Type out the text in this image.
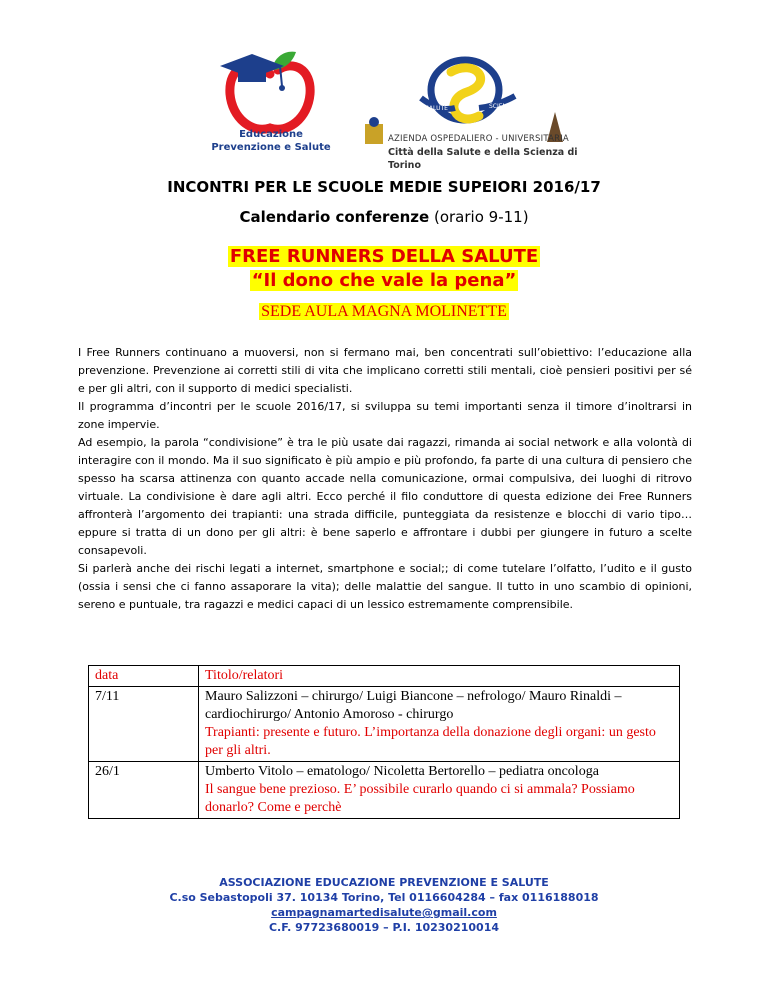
Educazione Prevenzione e Salute
SALUTE	SCIENZA
AZIENDA OSPEDALIERO - UNIVERSITARIA
Città della Salute e della Scienza di Torino
INCONTRI PER LE SCUOLE MEDIE SUPEIORI 2016/17
Calendario conferenze (orario 9-11)
FREE RUNNERS DELLA SALUTE
“Il dono che vale la pena”
SEDE AULA MAGNA MOLINETTE

I Free Runners continuano a muoversi, non si fermano mai, ben concentrati sull’obiettivo: l’educazione alla prevenzione. Prevenzione ai corretti stili di vita che implicano corretti stili mentali, cioè pensieri positivi per sé e per gli altri, con il supporto di medici specialisti.

Il programma d’incontri per le scuole 2016/17, si sviluppa su temi importanti senza il timore d’inoltrarsi in zone impervie.

Ad esempio, la parola “condivisione” è tra le più usate dai ragazzi, rimanda ai social network e alla volontà di interagire con il mondo. Ma il suo significato è più ampio e più profondo, fa parte di una cultura di pensiero che spesso ha scarsa attinenza con quanto accade nella comunicazione, ormai compulsiva, dei luoghi di ritrovo virtuale. La condivisione è dare agli altri. Ecco perché il filo conduttore di questa edizione dei Free Runners affronterà l’argomento dei trapianti: una strada difficile, punteggiata da resistenze e blocchi di vario tipo… eppure si tratta di un dono per gli altri: è bene saperlo e affrontare i dubbi per giungere in futuro a scelte consapevoli.

Si parlerà anche dei rischi legati a internet, smartphone e social;; di come tutelare l’olfatto, l’udito e il gusto (ossia i sensi che ci fanno assaporare la vita); delle malattie del sangue. Il tutto in uno scambio di opinioni, sereno e puntuale, tra ragazzi e medici capaci di un lessico estremamente comprensibile.

data	Titolo/relatori
7/11	Mauro Salizzoni – chirurgo/ Luigi Biancone – nefrologo/ Mauro Rinaldi – cardiochirurgo/ Antonio Amoroso - chirurgo
Trapianti: presente e futuro. L’importanza della donazione degli organi: un gesto per gli altri.

26/1	Umberto Vitolo – ematologo/ Nicoletta Bertorello – pediatra oncologa
Il sangue bene prezioso. E’ possibile curarlo quando ci si ammala? Possiamo donarlo? Come e perchè
ASSOCIAZIONE EDUCAZIONE PREVENZIONE E SALUTE
C.so Sebastopoli 37. 10134 Torino, Tel 0116604284 – fax 0116188018
campagnamartedisalute@gmail.com
C.F. 97723680019 – P.I. 10230210014
